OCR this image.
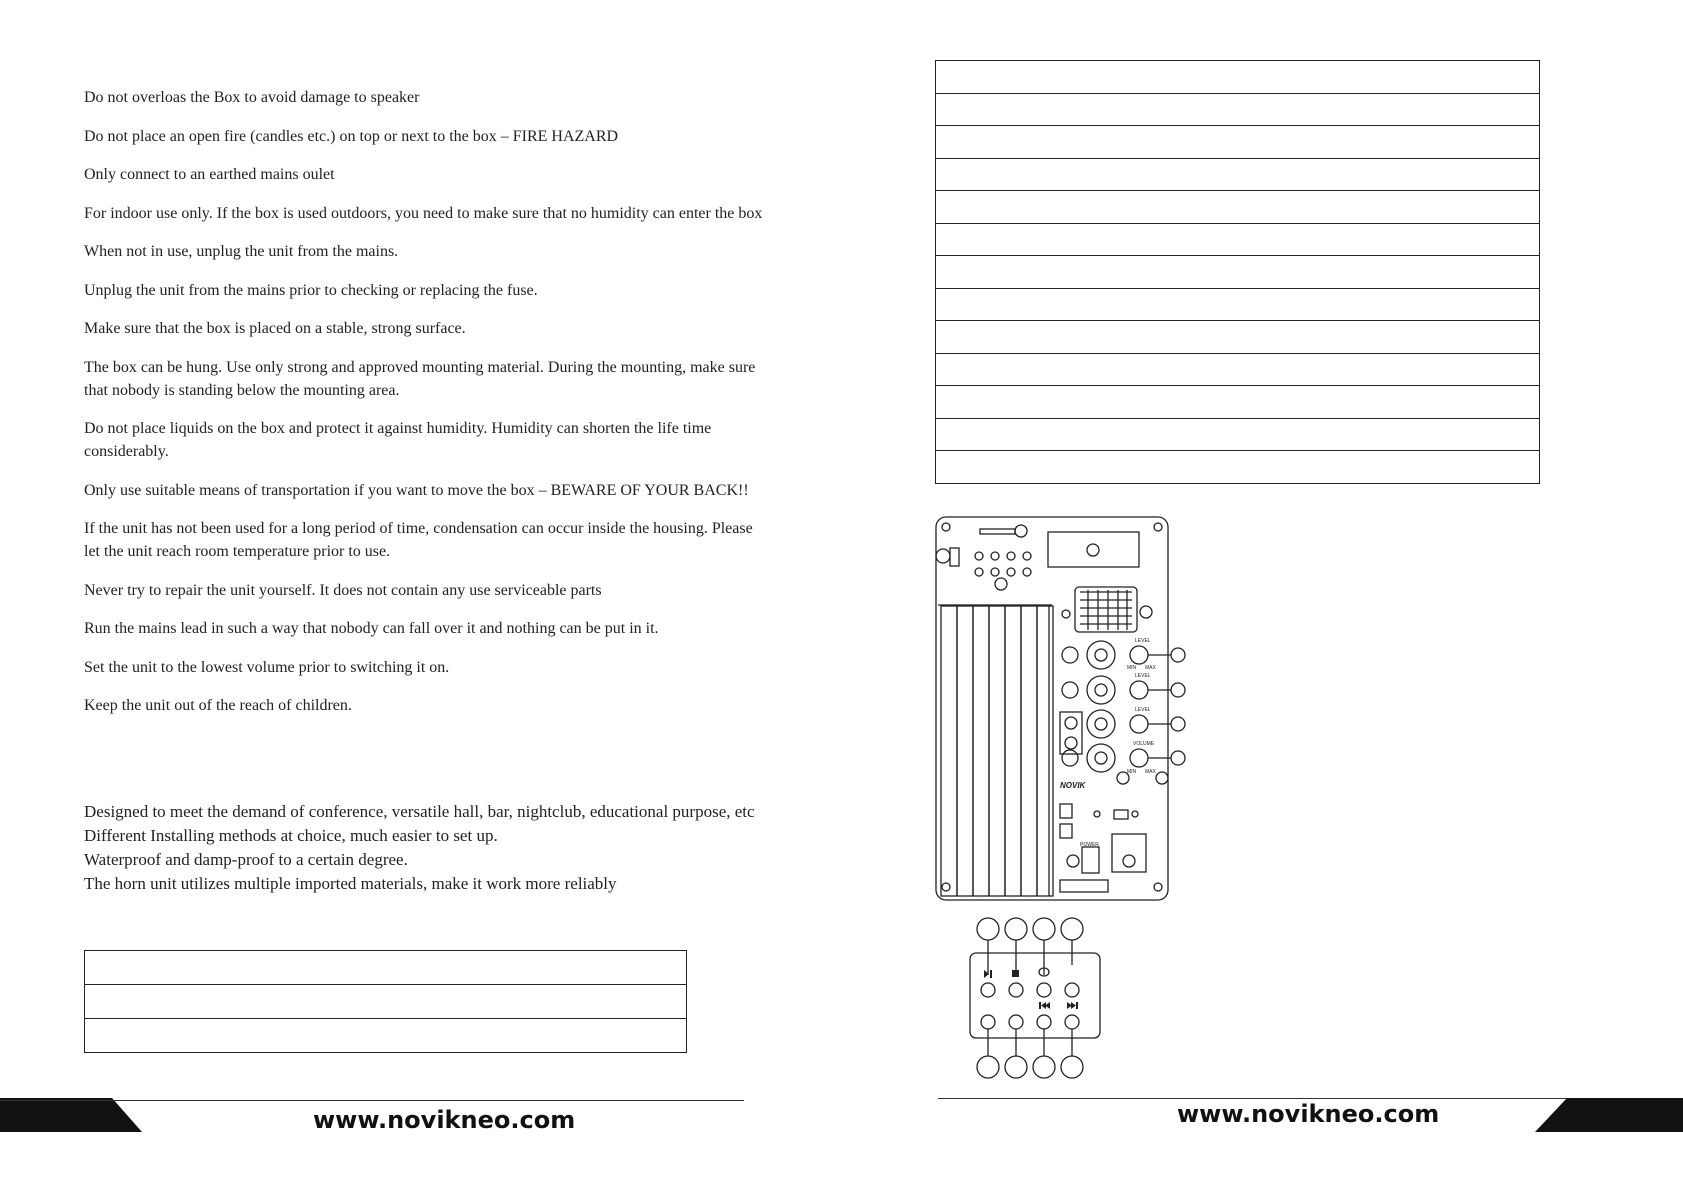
Do not overloas the Box to avoid damage to speaker

Do not place an open fire (candles etc.) on top or next to the box – FIRE HAZARD

Only connect to an earthed mains oulet

For indoor use only. If the box is used outdoors, you need to make sure that no humidity can enter the box

When not in use, unplug the unit from the mains.

Unplug the unit from the mains prior to checking or replacing the fuse.

Make sure that the box is placed on a stable, strong surface.

The box can be hung. Use only strong and approved mounting material. During the mounting, make sure that nobody is standing below the mounting area.

Do not place liquids on the box and protect it against humidity. Humidity can shorten the life time considerably.

Only use suitable means of transportation if you want to move the box – BEWARE OF YOUR BACK!!

If the unit has not been used for a long period of time, condensation can occur inside the housing. Please let the unit reach room temperature prior to use.

Never try to repair the unit yourself. It does not contain any use serviceable parts

Run the mains lead in such a way that nobody can fall over it and nothing can be put in it.

Set the unit to the lowest volume prior to switching it on.

Keep the unit out of the reach of children.

Designed to meet the demand of conference, versatile hall, bar, nightclub, educational purpose, etc
Different Installing methods at choice, much easier to set up.
Waterproof and damp-proof to a certain degree.
The horn unit utilizes multiple imported materials, make it work more reliably

www.novikneo.com

LEVEL
LEVEL
LEVEL
VOLUME
MIN MAX
MIN MAX
POWER
NOVIK
www.novikneo.com
